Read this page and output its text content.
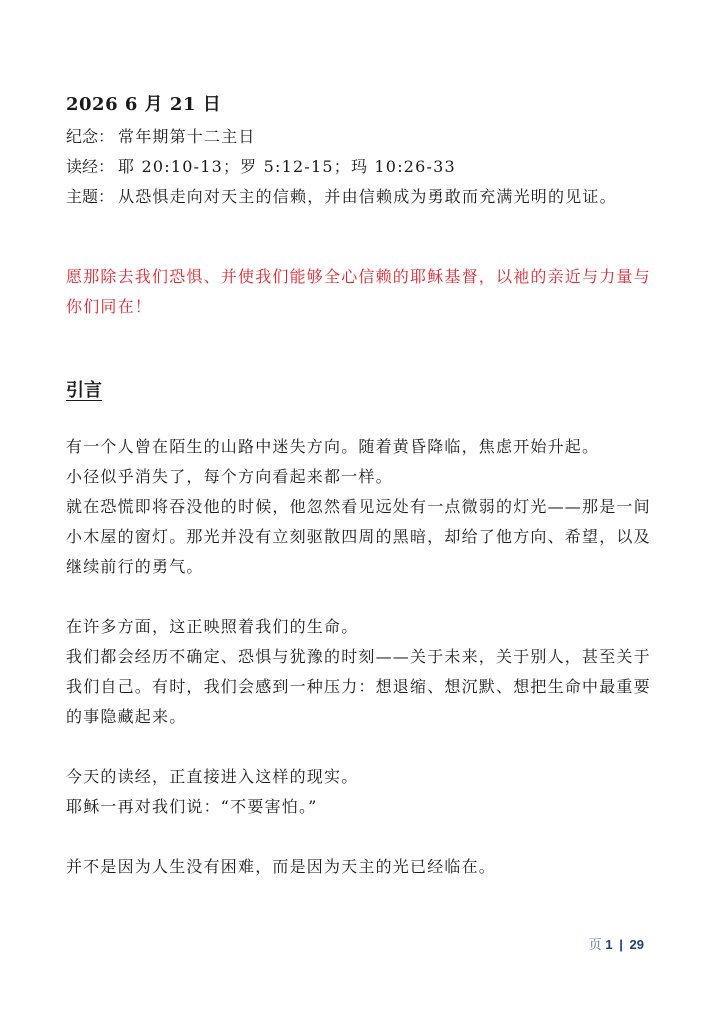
2026 6 月 21 日
纪念： 常年期第十二主日
读经： 耶 20:10-13；罗 5:12-15；玛 10:26-33
主题： 从恐惧走向对天主的信赖，并由信赖成为勇敢而充满光明的见证。
愿那除去我们恐惧、并使我们能够全心信赖的耶稣基督，以祂的亲近与力量与你们同在！
引言

有一个人曾在陌生的山路中迷失方向。随着黄昏降临，焦虑开始升起。

小径似乎消失了，每个方向看起来都一样。

就在恐慌即将吞没他的时候，他忽然看见远处有一点微弱的灯光——那是一间小木屋的窗灯。那光并没有立刻驱散四周的黑暗，却给了他方向、希望，以及继续前行的勇气。

在许多方面，这正映照着我们的生命。

我们都会经历不确定、恐惧与犹豫的时刻——关于未来，关于别人，甚至关于我们自己。有时，我们会感到一种压力：想退缩、想沉默、想把生命中最重要的事隐藏起来。

今天的读经，正直接进入这样的现实。

耶稣一再对我们说：“不要害怕。”

并不是因为人生没有困难，而是因为天主的光已经临在。

页 1 | 29
